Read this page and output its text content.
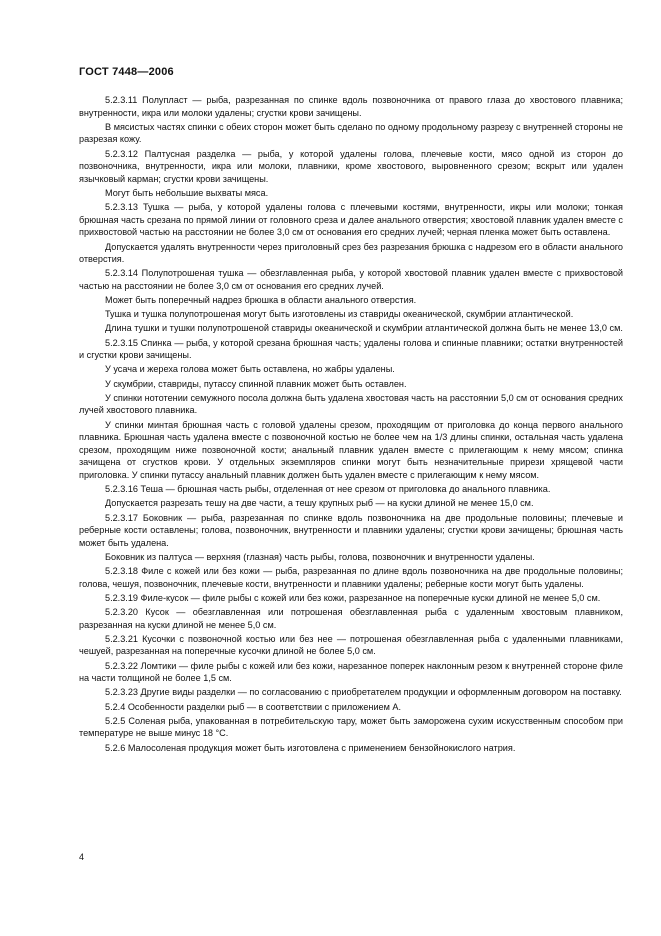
ГОСТ 7448—2006

5.2.3.11 Полупласт — рыба, разрезанная по спинке вдоль позвоночника от правого глаза до хвостового плавника; внутренности, икра или молоки удалены; сгустки крови зачищены.

В мясистых частях спинки с обеих сторон может быть сделано по одному продольному разрезу с внутренней стороны не разрезая кожу.

5.2.3.12 Палтусная разделка — рыба, у которой удалены голова, плечевые кости, мясо одной из сторон до позвоночника, внутренности, икра или молоки, плавники, кроме хвостового, выровненного срезом; вскрыт или удален язычковый карман; сгустки крови зачищены.

Могут быть небольшие выхваты мяса.

5.2.3.13 Тушка — рыба, у которой удалены голова с плечевыми костями, внутренности, икры или молоки; тонкая брюшная часть срезана по прямой линии от головного среза и далее анального отверстия; хвостовой плавник удален вместе с прихвостовой частью на расстоянии не более 3,0 см от основания его средних лучей; черная пленка может быть оставлена.

Допускается удалять внутренности через приголовный срез без разрезания брюшка с надрезом его в области анального отверстия.

5.2.3.14 Полупотрошеная тушка — обезглавленная рыба, у которой хвостовой плавник удален вместе с прихвостовой частью на расстоянии не более 3,0 см от основания его средних лучей.

Может быть поперечный надрез брюшка в области анального отверстия.

Тушка и тушка полупотрошеная могут быть изготовлены из ставриды океанической, скумбрии атлантической.

Длина тушки и тушки полупотрошеной ставриды океанической и скумбрии атлантической должна быть не менее 13,0 см.

5.2.3.15 Спинка — рыба, у которой срезана брюшная часть; удалены голова и спинные плавники; остатки внутренностей и сгустки крови зачищены.

У усача и жереха голова может быть оставлена, но жабры удалены.

У скумбрии, ставриды, путассу спинной плавник может быть оставлен.

У спинки нототении семужного посола должна быть удалена хвостовая часть на расстоянии 5,0 см от основания средних лучей хвостового плавника.

У спинки минтая брюшная часть с головой удалены срезом, проходящим от приголовка до конца первого анального плавника. Брюшная часть удалена вместе с позвоночной костью не более чем на 1/3 длины спинки, остальная часть удалена срезом, проходящим ниже позвоночной кости; анальный плавник удален вместе с прилегающим к нему мясом; спинка зачищена от сгустков крови. У отдельных экземпляров спинки могут быть незначительные прирези хрящевой части приголовка. У спинки путассу анальный плавник должен быть удален вместе с прилегающим к нему мясом.

5.2.3.16 Теша — брюшная часть рыбы, отделенная от нее срезом от приголовка до анального плавника.

Допускается разрезать тешу на две части, а тешу крупных рыб — на куски длиной не менее 15,0 см.

5.2.3.17 Боковник — рыба, разрезанная по спинке вдоль позвоночника на две продольные половины; плечевые и реберные кости оставлены; голова, позвоночник, внутренности и плавники удалены; сгустки крови зачищены; брюшная часть может быть удалена.

Боковник из палтуса — верхняя (глазная) часть рыбы, голова, позвоночник и внутренности удалены.

5.2.3.18 Филе с кожей или без кожи — рыба, разрезанная по длине вдоль позвоночника на две продольные половины; голова, чешуя, позвоночник, плечевые кости, внутренности и плавники удалены; реберные кости могут быть удалены.

5.2.3.19 Филе-кусок — филе рыбы с кожей или без кожи, разрезанное на поперечные куски длиной не менее 5,0 см.

5.2.3.20 Кусок — обезглавленная или потрошеная обезглавленная рыба с удаленным хвостовым плавником, разрезанная на куски длиной не менее 5,0 см.

5.2.3.21 Кусочки с позвоночной костью или без нее — потрошеная обезглавленная рыба с удаленными плавниками, чешуей, разрезанная на поперечные кусочки длиной не более 5,0 см.

5.2.3.22 Ломтики — филе рыбы с кожей или без кожи, нарезанное поперек наклонным резом к внутренней стороне филе на части толщиной не более 1,5 см.

5.2.3.23 Другие виды разделки — по согласованию с приобретателем продукции и оформленным договором на поставку.

5.2.4 Особенности разделки рыб — в соответствии с приложением А.

5.2.5 Соленая рыба, упакованная в потребительскую тару, может быть заморожена сухим искусственным способом при температуре не выше минус 18 °С.

5.2.6 Малосоленая продукция может быть изготовлена с применением бензойнокислого натрия.

4
